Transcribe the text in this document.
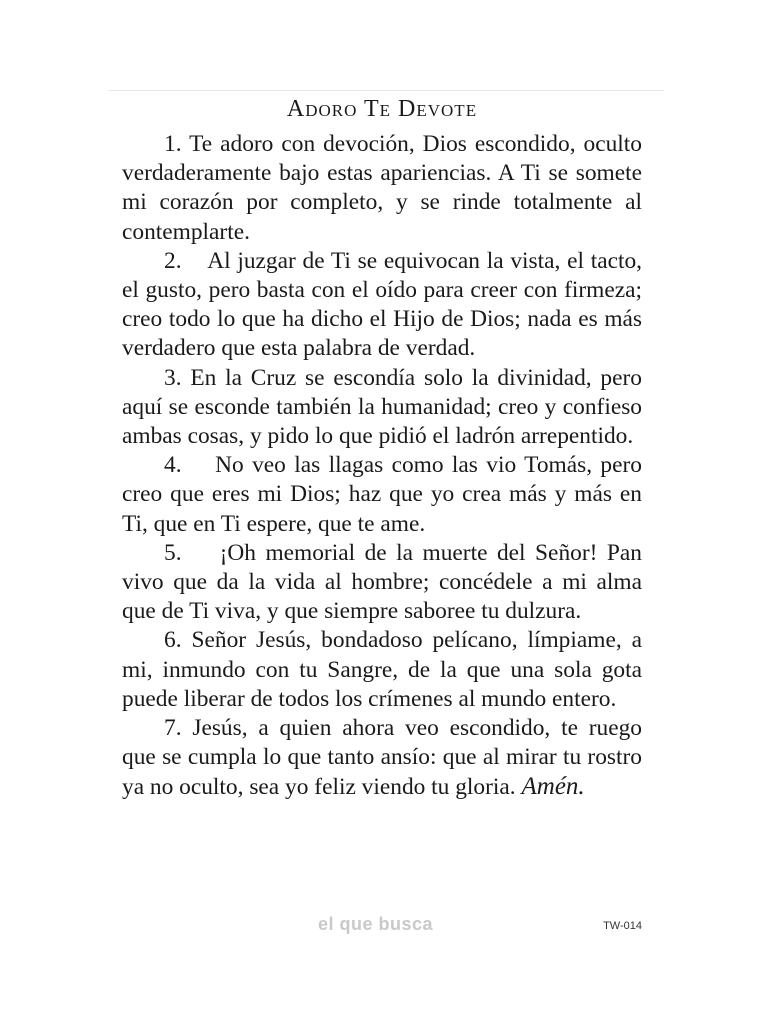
Adoro Te Devote

1. Te adoro con devoción, Dios escondido, oculto verdaderamente bajo estas apariencias. A Ti se somete mi corazón por completo, y se rinde totalmente al contemplarte.

2. Al juzgar de Ti se equivocan la vista, el tacto, el gusto, pero basta con el oído para creer con firmeza; creo todo lo que ha dicho el Hijo de Dios; nada es más verdadero que esta palabra de verdad.

3. En la Cruz se escondía solo la divinidad, pero aquí se esconde también la humanidad; creo y confieso ambas cosas, y pido lo que pidió el ladrón arrepentido.

4. No veo las llagas como las vio Tomás, pero creo que eres mi Dios; haz que yo crea más y más en Ti, que en Ti espere, que te ame.

5. ¡Oh memorial de la muerte del Señor! Pan vivo que da la vida al hombre; concédele a mi alma que de Ti viva, y que siempre saboree tu dulzura.

6. Señor Jesús, bondadoso pelícano, límpiame, a mi, inmundo con tu Sangre, de la que una sola gota puede liberar de todos los crímenes al mundo entero.

7. Jesús, a quien ahora veo escondido, te ruego que se cumpla lo que tanto ansío: que al mirar tu rostro ya no oculto, sea yo feliz viendo tu gloria. Amén.

el que busca	TW-014
